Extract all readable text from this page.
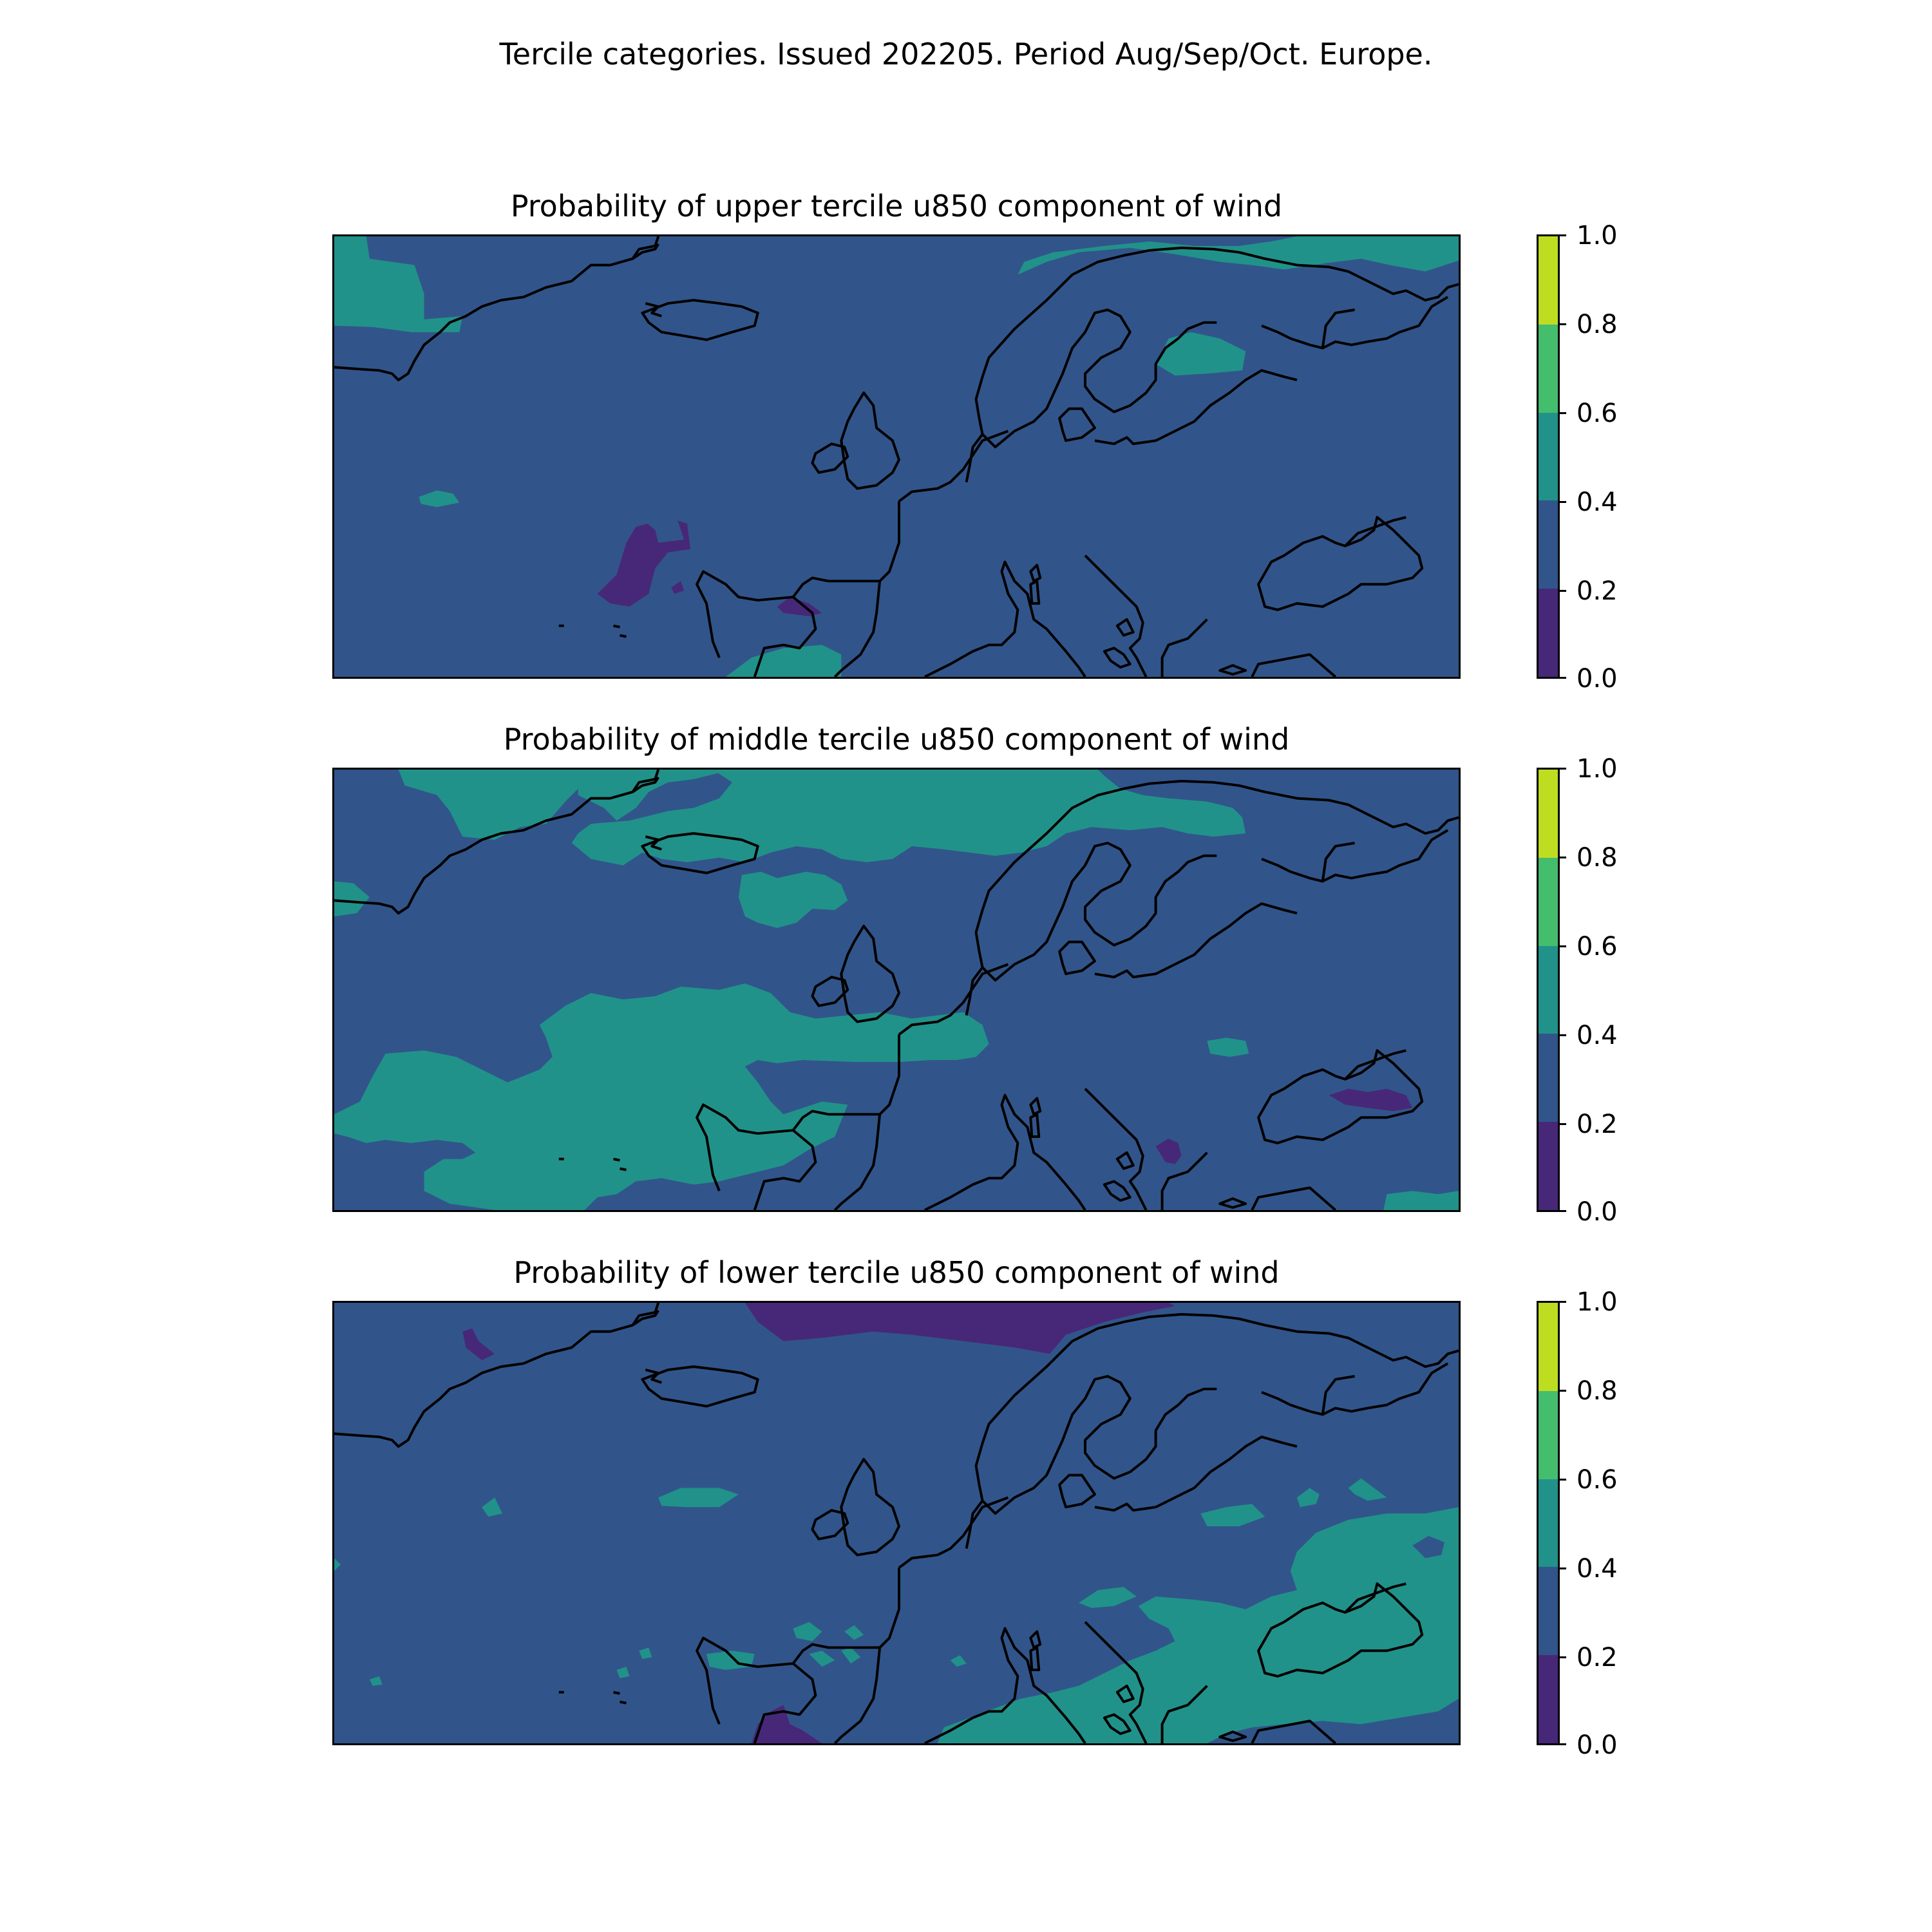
Tercile categories. Issued 202205. Period Aug/Sep/Oct. Europe.
Probability of upper tercile u850 component of wind
1.0
0.8
0.6
0.4
0.2
0.0
Probability of middle tercile u850 component of wind
1.0
0.8
0.6
0.4
0.2
0.0
Probability of lower tercile u850 component of wind
1.0
0.8
0.6
0.4
0.2
0.0
